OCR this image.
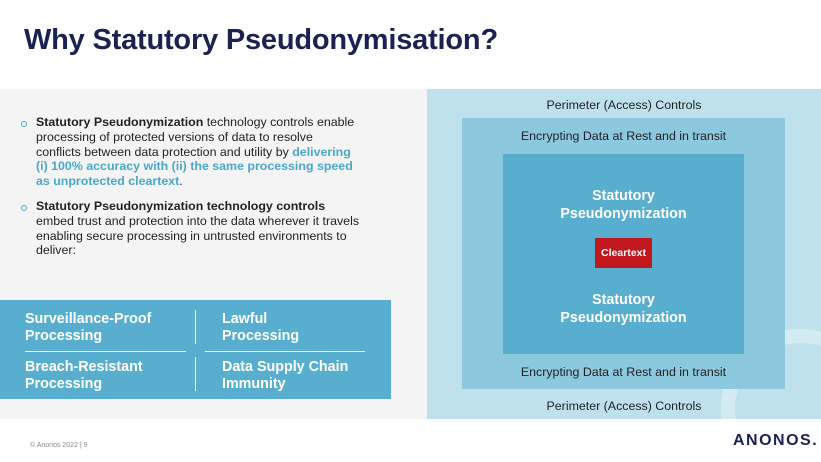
Why Statutory Pseudonymisation?
Statutory Pseudonymization technology controls enable processing of protected versions of data to resolve conflicts between data protection and utility by delivering (i) 100% accuracy with (ii) the same processing speed as unprotected cleartext.
Statutory Pseudonymization technology controls embed trust and protection into the data wherever it travels enabling secure processing in untrusted environments to deliver:
Surveillance-Proof
Processing
Lawful
Processing
Breach-Resistant
Processing
Data Supply Chain
Immunity
Perimeter (Access) Controls
Encrypting Data at Rest and in transit
Statutory
Pseudonymization
Cleartext
Statutory
Pseudonymization
Encrypting Data at Rest and in transit
Perimeter (Access) Controls
© Anonos 2022 | 9	ANONOS.
